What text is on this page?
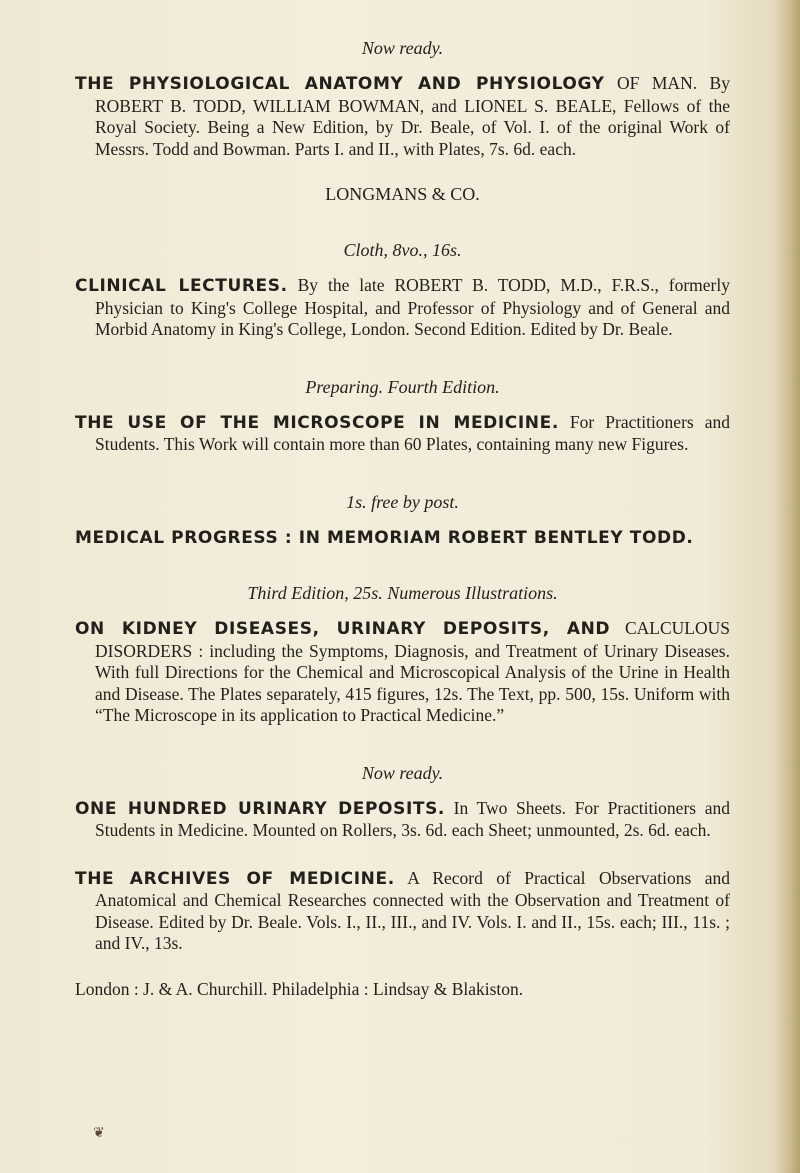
Now ready.

THE PHYSIOLOGICAL ANATOMY AND PHYSIOLOGY OF MAN. By ROBERT B. TODD, WILLIAM BOWMAN, and LIONEL S. BEALE, Fellows of the Royal Society. Being a New Edition, by Dr. Beale, of Vol. I. of the original Work of Messrs. Todd and Bowman. Parts I. and II., with Plates, 7s. 6d. each.

LONGMANS & CO.

Cloth, 8vo., 16s.

CLINICAL LECTURES. By the late ROBERT B. TODD, M.D., F.R.S., formerly Physician to King's College Hospital, and Professor of Physiology and of General and Morbid Anatomy in King's College, London. Second Edition. Edited by Dr. Beale.

Preparing. Fourth Edition.

THE USE OF THE MICROSCOPE IN MEDICINE. For Practitioners and Students. This Work will contain more than 60 Plates, containing many new Figures.

1s. free by post.

MEDICAL PROGRESS : IN MEMORIAM ROBERT BENTLEY TODD.

Third Edition, 25s. Numerous Illustrations.

ON KIDNEY DISEASES, URINARY DEPOSITS, AND CALCULOUS DISORDERS : including the Symptoms, Diagnosis, and Treatment of Urinary Diseases. With full Directions for the Chemical and Microscopical Analysis of the Urine in Health and Disease. The Plates separately, 415 figures, 12s. The Text, pp. 500, 15s. Uniform with “The Microscope in its application to Practical Medicine.”

Now ready.

ONE HUNDRED URINARY DEPOSITS. In Two Sheets. For Practitioners and Students in Medicine. Mounted on Rollers, 3s. 6d. each Sheet; unmounted, 2s. 6d. each.

THE ARCHIVES OF MEDICINE. A Record of Practical Observations and Anatomical and Chemical Researches connected with the Observation and Treatment of Disease. Edited by Dr. Beale. Vols. I., II., III., and IV. Vols. I. and II., 15s. each; III., 11s. ; and IV., 13s.

London : J. & A. Churchill. Philadelphia : Lindsay & Blakiston.

❦
